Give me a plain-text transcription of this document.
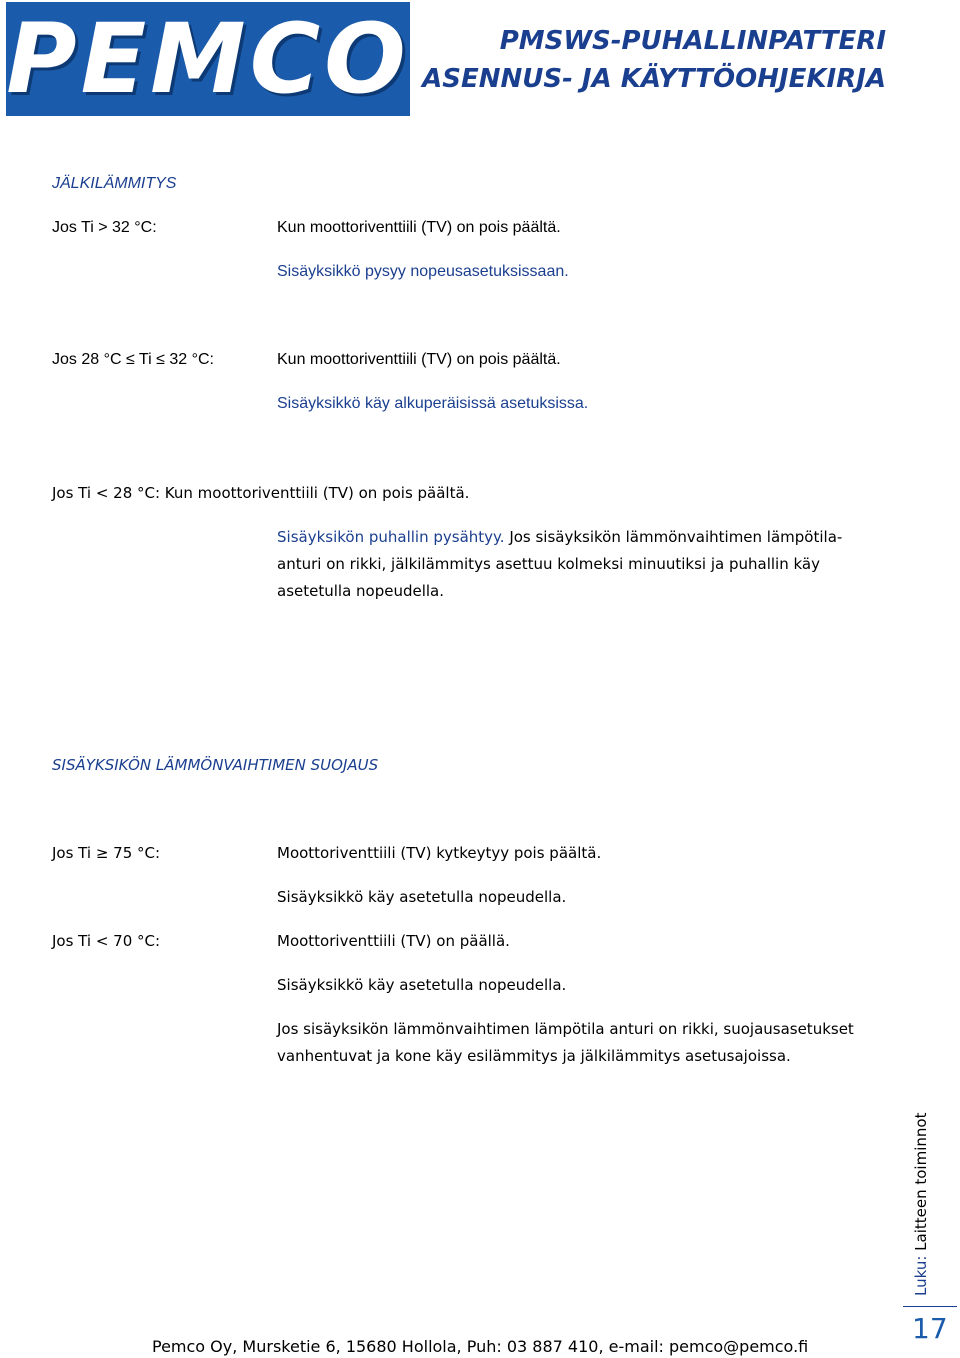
PEMCO	PMSWS-PUHALLINPATTERI
ASENNUS- JA KÄYTTÖOHJEKIRJA
JÄLKILÄMMITYS
Jos Ti > 32 °C:	Kun moottoriventtiili (TV) on pois päältä.
Sisäyksikkö pysyy nopeusasetuksissaan.
Jos 28 °C ≤ Ti ≤ 32 °C:	Kun moottoriventtiili (TV) on pois päältä.
Sisäyksikkö käy alkuperäisissä asetuksissa.
Jos Ti < 28 °C: Kun moottoriventtiili (TV) on pois päältä.
Sisäyksikön puhallin pysähtyy. Jos sisäyksikön lämmönvaihtimen lämpötila-anturi on rikki, jälkilämmitys asettuu kolmeksi minuutiksi ja puhallin käy asetetulla nopeudella.
SISÄYKSIKÖN LÄMMÖNVAIHTIMEN SUOJAUS
Jos Ti ≥ 75 °C:	Moottoriventtiili (TV) kytkeytyy pois päältä.
Sisäyksikkö käy asetetulla nopeudella.
Jos Ti < 70 °C:	Moottoriventtiili (TV) on päällä.
Sisäyksikkö käy asetetulla nopeudella.
Jos sisäyksikön lämmönvaihtimen lämpötila anturi on rikki, suojausasetukset vanhentuvat ja kone käy esilämmitys ja jälkilämmitys asetusajoissa.
Luku: Laitteen toiminnot
17
Pemco Oy, Mursketie 6, 15680 Hollola, Puh: 03 887 410, e-mail: pemco@pemco.fi
